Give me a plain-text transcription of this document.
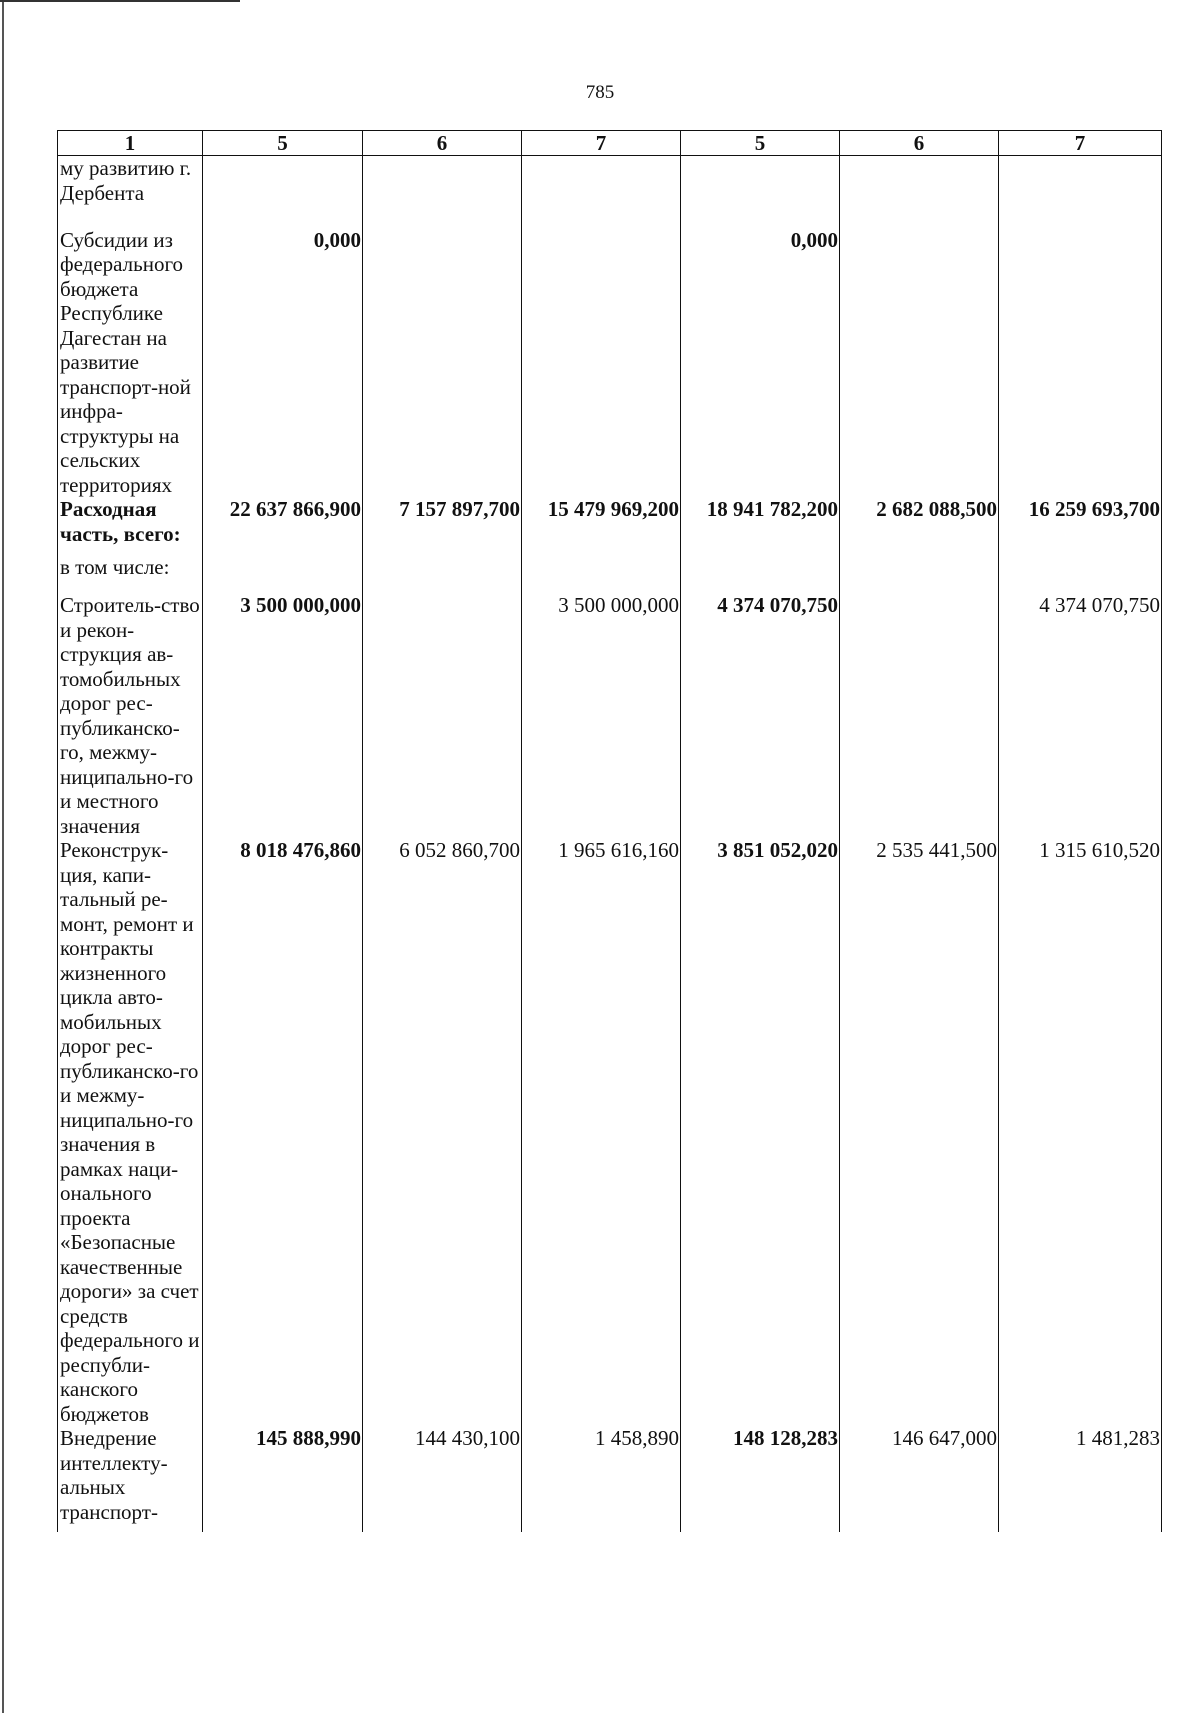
785
1	5	6	7	5	6	7
му развитию г. Дербента						
Субсидии из федерального бюджета Республике Дагестан на развитие транспорт-ной инфра-структуры на сельских территориях	0,000			0,000		
Расходная часть, всего:	22 637 866,900	7 157 897,700	15 479 969,200	18 941 782,200	2 682 088,500	16 259 693,700
в том числе:						
Строитель-ство и рекон-струкция ав-томобильных дорог рес-публиканско-го, межму-ниципально-го и местного значения	3 500 000,000		3 500 000,000	4 374 070,750		4 374 070,750
Реконструк-ция, капи-тальный ре-монт, ремонт и контракты жизненного цикла авто-мобильных дорог рес-публиканско-го и межму-ниципально-го значения в рамках наци-онального проекта «Безопасные качественные дороги» за счет средств федерального и республи-канского бюджетов	8 018 476,860	6 052 860,700	1 965 616,160	3 851 052,020	2 535 441,500	1 315 610,520
Внедрение интеллекту-альных транспорт-	145 888,990	144 430,100	1 458,890	148 128,283	146 647,000	1 481,283
